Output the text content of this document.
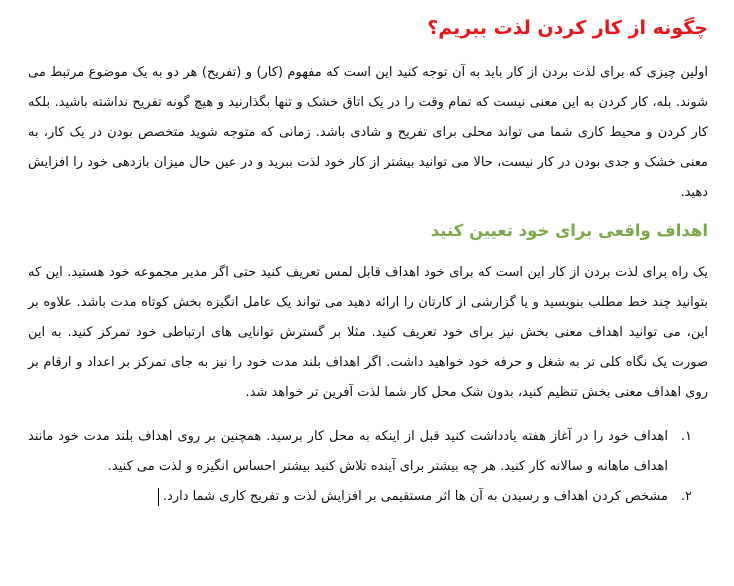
چگونه از کار کردن لذت ببریم؟

اولین چیزی که برای لذت بردن از کار باید به آن توجه کنید این است که مفهوم (کار) و (تفریح) هر دو به یک موضوع مرتبط می شوند. بله، کار کردن به این معنی نیست که تمام وقت را در یک اتاق خشک و تنها بگذارنید و هیچ گونه تفریح نداشته باشید. بلکه کار کردن و محیط کاری شما می تواند محلی برای تفریح و شادی باشد. زمانی که متوجه شوید متخصص بودن در یک کار، به معنی خشک و جدی بودن در کار نیست، حالا می توانید بیشتر از کار خود لذت ببرید و در عین حال میزان بازدهی خود را افزایش دهید.

اهداف واقعی برای خود تعیین کنید

یک راه برای لذت بردن از کار این است که برای خود اهداف قابل لمس تعریف کنید حتی اگر مدیر مجموعه خود هستید. این که بتوانید چند خط مطلب بنویسید و یا گزارشی از کارتان را ارائه دهید می تواند یک عامل انگیزه بخش کوتاه مدت باشد. علاوه بر این، می توانید اهداف معنی بخش نیز برای خود تعریف کنید. مثلا بر گسترش توانایی های ارتباطی خود تمرکز کنید. به این صورت یک نگاه کلی تر به شغل و حرفه خود خواهید داشت. اگر اهداف بلند مدت خود را نیز به جای تمرکز بر اعداد و ارقام بر روی اهداف معنی بخش تنظیم کنید، بدون شک محل کار شما لذت آفرین تر خواهد شد.

۱.
اهداف خود را در آغاز هفته یادداشت کنید قبل از اینکه به محل کار برسید. همچنین بر روی اهداف بلند مدت خود مانند اهداف ماهانه و سالانه کار کنید. هر چه بیشتر برای آینده تلاش کنید بیشتر احساس انگیزه و لذت می کنید.
۲.
مشخص کردن اهداف و رسیدن به آن ها اثر مستقیمی بر افزایش لذت و تفریح کاری شما دارد.
